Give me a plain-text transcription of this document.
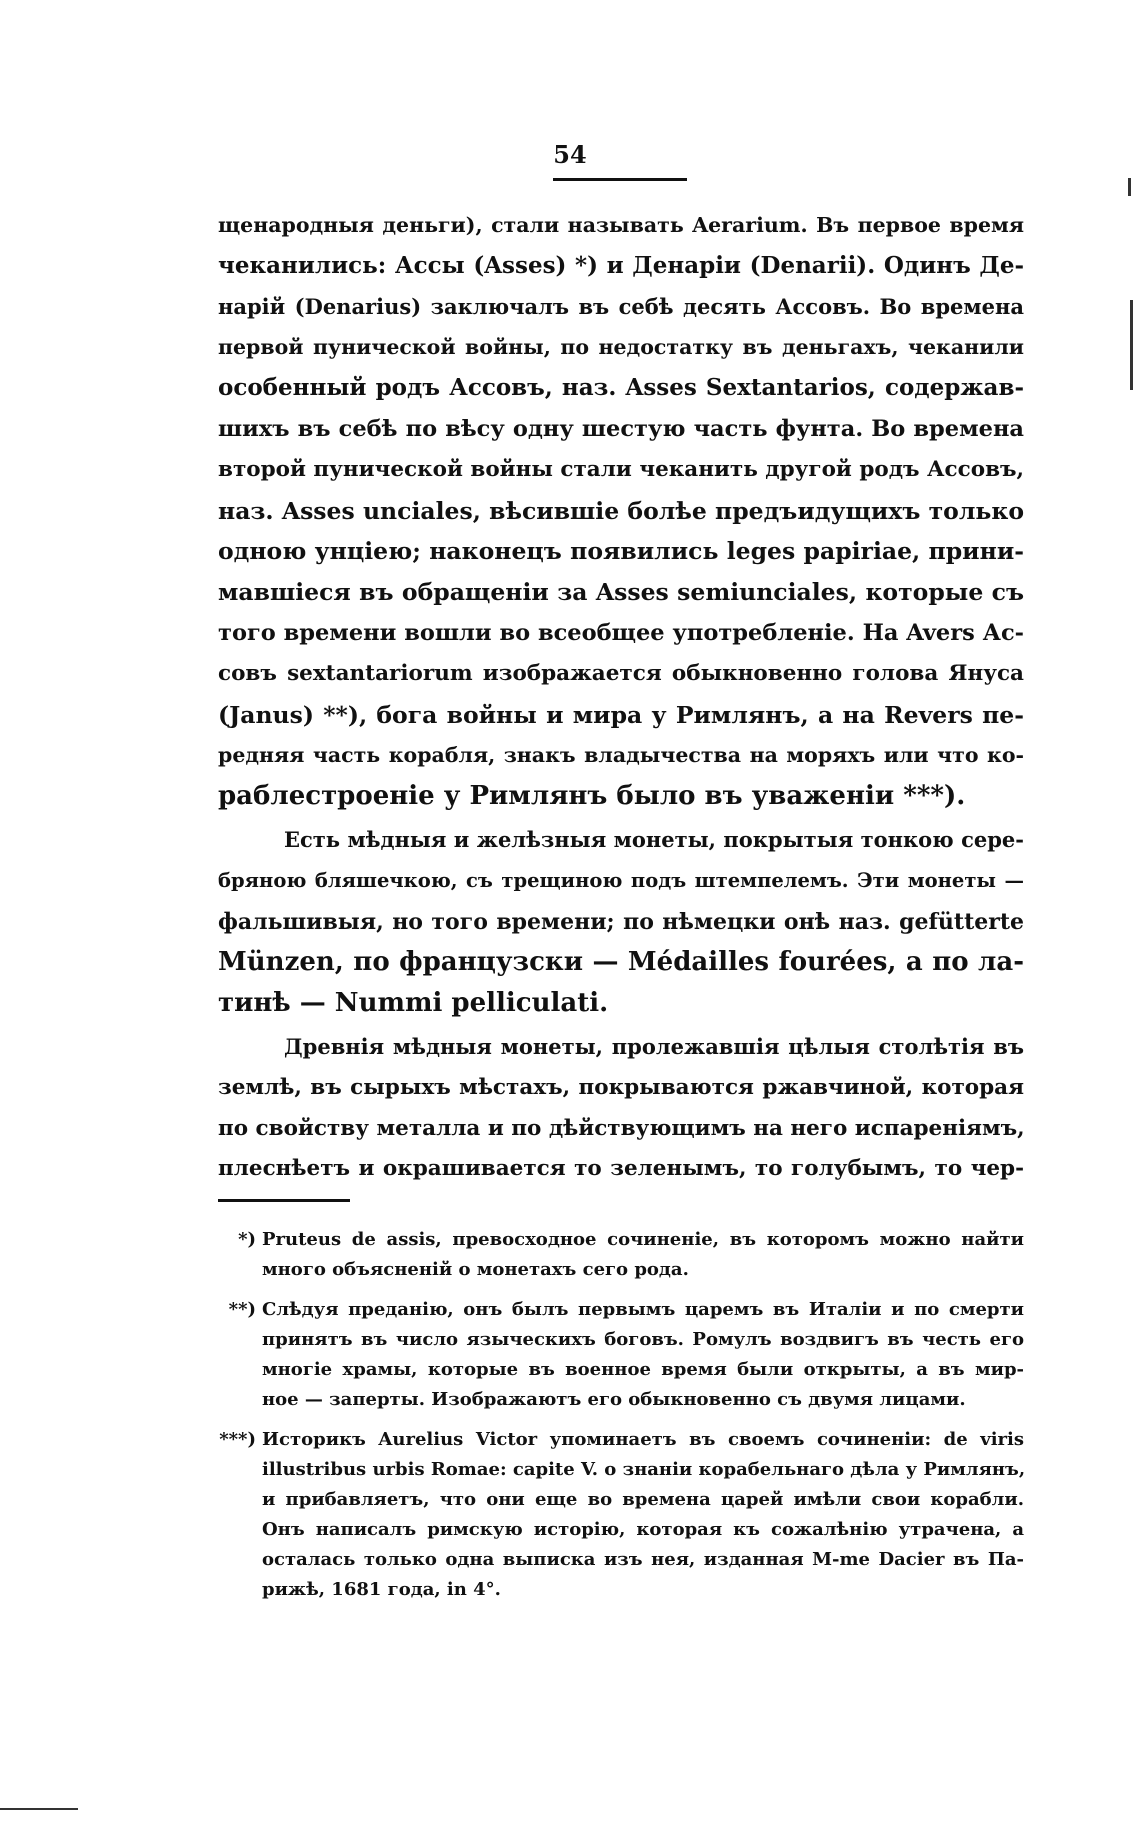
54
щенародныя деньги), стали называть Aerarium. Въ первое время
чеканились: Ассы (Asses) *) и Денаріи (Denarii). Одинъ Де-
нарій (Denarius) заключалъ въ себѣ десять Ассовъ. Во времена
первой пунической войны, по недостатку въ деньгахъ, чеканили
особенный родъ Ассовъ, наз. Asses Sextantarios, содержав-
шихъ въ себѣ по вѣсу одну шестую часть фунта. Во времена
второй пунической войны стали чеканить другой родъ Ассовъ,
наз. Asses unciales, вѣсившіе болѣе предъидущихъ только
одною унціею; наконецъ появились leges papiriae, прини-
мавшіеся въ обращеніи за Asses semiunciales, которые съ
того времени вошли во всеобщее употребленіе. На Avers Ас-
совъ sextantariorum изображается обыкновенно голова Януса
(Janus) **), бога войны и мира у Римлянъ, а на Revers пе-
редняя часть корабля, знакъ владычества на моряхъ или что ко-
раблестроеніе у Римлянъ было въ уваженіи ***).
Есть мѣдныя и желѣзныя монеты, покрытыя тонкою сере-
бряною бляшечкою, съ трещиною подъ штемпелемъ. Эти монеты —
фальшивыя, но того времени; по нѣмецки онѣ наз. gefütterte
Münzen, по французски — Médailles fourées, а по ла-
тинѣ — Nummi pelliculati.
Древнія мѣдныя монеты, пролежавшія цѣлыя столѣтія въ
землѣ, въ сырыхъ мѣстахъ, покрываются ржавчиной, которая
по свойству металла и по дѣйствующимъ на него испареніямъ,
плеснѣетъ и окрашивается то зеленымъ, то голубымъ, то чер-
*) Pruteus de assis, превосходное сочиненіе, въ которомъ можно найти
много объясненій о монетахъ сего рода.
**) Слѣдуя преданію, онъ былъ первымъ царемъ въ Италіи и по смерти
принятъ въ число языческихъ боговъ. Ромулъ воздвигъ въ честь его
многіе храмы, которые въ военное время были открыты, а въ мир-
ное — заперты. Изображаютъ его обыкновенно съ двумя лицами.
***) Историкъ Aurelius Victor упоминаетъ въ своемъ сочиненіи: de viris
illustribus urbis Romae: capite V. о знаніи корабельнаго дѣла у Римлянъ,
и прибавляетъ, что они еще во времена царей имѣли свои корабли.
Онъ написалъ римскую исторію, которая къ сожалѣнію утрачена, а
осталась только одна выписка изъ нея, изданная M-me Dacier въ Па-
рижѣ, 1681 года, in 4°.
